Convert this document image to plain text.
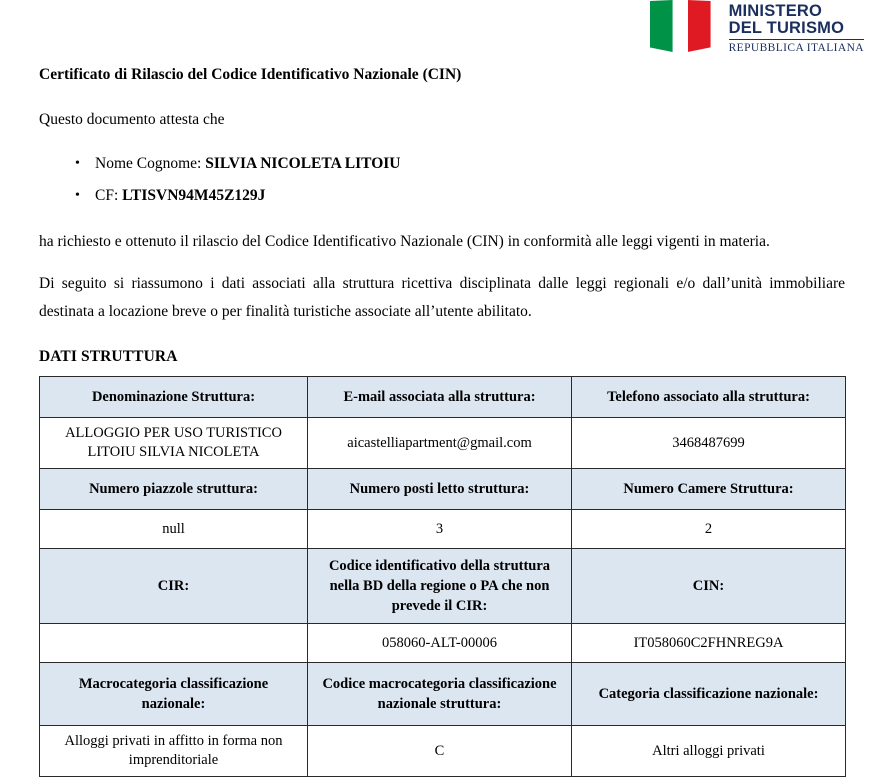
MINISTERO
DEL TURISMO
REPUBBLICA ITALIANA
Certificato di Rilascio del Codice Identificativo Nazionale (CIN)

Questo documento attesta che

• Nome Cognome: SILVIA NICOLETA LITOIU
• CF: LTISVN94M45Z129J

ha richiesto e ottenuto il rilascio del Codice Identificativo Nazionale (CIN) in conformità alle leggi vigenti in materia.

Di seguito si riassumono i dati associati alla struttura ricettiva disciplinata dalle leggi regionali e/o dall’unità immobiliare destinata a locazione breve o per finalità turistiche associate all’utente abilitato.

DATI STRUTTURA
Denominazione Struttura:	E-mail associata alla struttura:	Telefono associato alla struttura:
ALLOGGIO PER USO TURISTICO LITOIU SILVIA NICOLETA	aicastelliapartment@gmail.com	3468487699
Numero piazzole struttura:	Numero posti letto struttura:	Numero Camere Struttura:
null	3	2
CIR:	Codice identificativo della struttura nella BD della regione o PA che non prevede il CIR:	CIN:
	058060-ALT-00006	IT058060C2FHNREG9A
Macrocategoria classificazione nazionale:	Codice macrocategoria classificazione nazionale struttura:	Categoria classificazione nazionale:
Alloggi privati in affitto in forma non imprenditoriale	C	Altri alloggi privati
